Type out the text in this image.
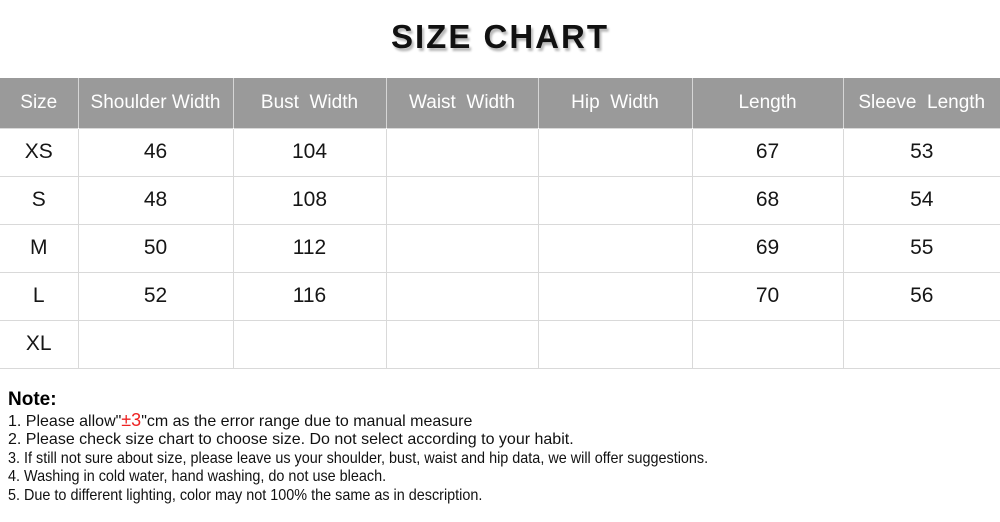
SIZE CHART
Size	Shoulder Width	Bust  Width	Waist  Width	Hip  Width	Length	Sleeve  Length
XS	46	104			67	53
S	48	108			68	54
M	50	112			69	55
L	52	116			70	56
XL						
Note:
1. Please allow"±3"cm as the error range due to manual measure
2. Please check size chart to choose size. Do not select according to your habit.
3. If still not sure about size, please leave us your shoulder, bust, waist and hip data, we will offer suggestions.
4. Washing in cold water, hand washing, do not use bleach.
5. Due to different lighting, color may not 100% the same as in description.
